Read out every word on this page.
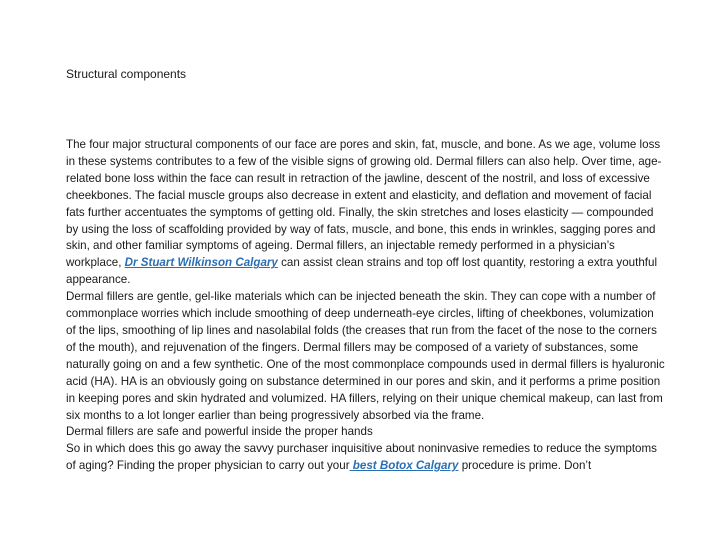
Structural components

The four major structural components of our face are pores and skin, fat, muscle, and bone. As we age, volume loss in these systems contributes to a few of the visible signs of growing old. Dermal fillers can also help. Over time, age-related bone loss within the face can result in retraction of the jawline, descent of the nostril, and loss of excessive cheekbones. The facial muscle groups also decrease in extent and elasticity, and deflation and movement of facial fats further accentuates the symptoms of getting old. Finally, the skin stretches and loses elasticity — compounded by using the loss of scaffolding provided by way of fats, muscle, and bone, this ends in wrinkles, sagging pores and skin, and other familiar symptoms of ageing. Dermal fillers, an injectable remedy performed in a physician’s workplace, Dr Stuart Wilkinson Calgary can assist clean strains and top off lost quantity, restoring a extra youthful appearance.

Dermal fillers are gentle, gel-like materials which can be injected beneath the skin. They can cope with a number of commonplace worries which include smoothing of deep underneath-eye circles, lifting of cheekbones, volumization of the lips, smoothing of lip lines and nasolabilal folds (the creases that run from the facet of the nose to the corners of the mouth), and rejuvenation of the fingers. Dermal fillers may be composed of a variety of substances, some naturally going on and a few synthetic. One of the most commonplace compounds used in dermal fillers is hyaluronic acid (HA). HA is an obviously going on substance determined in our pores and skin, and it performs a prime position in keeping pores and skin hydrated and volumized. HA fillers, relying on their unique chemical makeup, can last from six months to a lot longer earlier than being progressively absorbed via the frame.

Dermal fillers are safe and powerful inside the proper hands

So in which does this go away the savvy purchaser inquisitive about noninvasive remedies to reduce the symptoms of aging? Finding the proper physician to carry out your best Botox Calgary procedure is prime. Don’t
